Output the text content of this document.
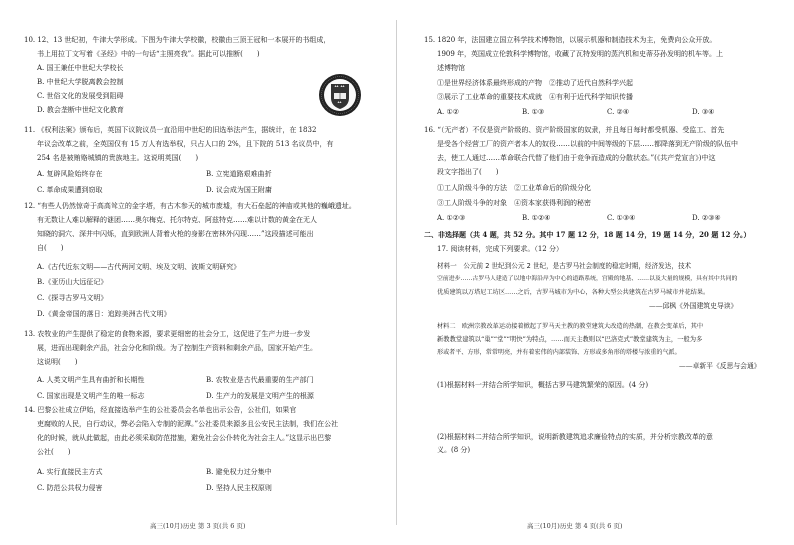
10. 12、13 世纪初，牛津大学形成。下图为牛津大学校徽，校徽由三顶王冠和一本展开的书组成，
书上用拉丁文写着《圣经》中的一句话“主照亮我”。据此可以推断(　　)
A. 国王兼任中世纪大学校长
B. 中世纪大学脱离教会控制
C. 世俗文化的发展受到阻碍
D. 教会垄断中世纪文化教育
11. 《权利法案》颁布后，英国下议院议员一直沿用中世纪的旧选举法产生，据统计，在 1832
年议会改革之前，全英国仅有 15 万人有选举权，只占人口的 2%，且下院的 513 名议员中，有
254 名是被贿赂城镇的贵族地主。这说明英国(　　)
A. 复辟风险始终存在	B. 立宪道路艰难曲折
C. 革命成果遭到窃取	D. 议会成为国王附庸
12. “有些人仍然惊奇于高高耸立的金字塔，有古木参天的城市废墟，有大石垒起的神庙或其他的巍峨遗址。
有无数让人难以解释的谜团……奥尔梅克、托尔特克、阿兹特克……难以计数的黄金在无人
知晓的洞穴、深井中闪烁，直到欧洲人背着火枪的身影在密林外闪现……”这段描述可能出
自(　　)
A.《古代近东文明——古代两河文明、埃及文明、波斯文明研究》
B.《亚历山大远征记》
C.《探寻古罗马文明》
D.《黄金帝国的落日：追踪美洲古代文明》
13. 农牧业的产生提供了稳定的食物来源，要求更细密的社会分工，这促进了生产力进一步发
展，进而出现剩余产品，社会分化和阶级。为了控制生产资料和剩余产品，国家开始产生。
这说明(　　)
A. 人类文明产生具有曲折和长期性	B. 农牧业是古代最重要的生产部门
C. 国家出现是文明产生的唯一标志	D. 生产力的发展是文明产生的根源
14. 巴黎公社成立伊始，经直接选举产生的公社委员会名单也出示公告，公社们，如果官
吏腐败的人民，自行动议，弊必会陷入专制的泥潭。”公社委员来源多且公安民主法制，我们在公社
化的时候，就从此做起，由此必须采取防范措施，避免社会公仆转化为社会主人。”这显示出巴黎
公社(　　)
A. 实行直接民主方式	B. 避免权力过分集中
C. 防范公共权力侵害	D. 坚持人民主权原则
高三(10月)历史 第 3 页(共 6 页)
15. 1820 年，法国建立国立科学技术博物馆，以展示机器和制造技术为主，免费向公众开放。
1909 年，英国成立伦敦科学博物馆，收藏了瓦特发明的蒸汽机和史蒂芬孙发明的机车等。上
述博物馆
①是世界经济体系最终形成的产物　②推动了近代自然科学兴起
③展示了工业革命的重要技术成就　④有利于近代科学知识传播
A. ①②	B. ①③	C. ②④	D. ③④
16. “（无产者）不仅是资产阶级的、资产阶级国家的奴隶，并且每日每时都受机器、受监工、首先
是受各个经营工厂的资产者本人的奴役……以前的中间等级的下层……都降落到无产阶级的队伍中
去，使工人通过……革命联合代替了他们由于竞争而造成的分散状态。”(《共产党宣言》)中这
段文字指出了(　　)
①工人阶级斗争的方法　②工业革命后的阶级分化
③工人阶级斗争的对象　④资本家获得利润的秘密
A. ①②③	B. ①②④	C. ①③④	D. ②③④
二、非选择题（共 4 题，共 52 分。其中 17 题 12 分，18 题 14 分，19 题 14 分，20 题 12 分。）
17. 阅读材料，完成下列要求。（12 分）
材料一　公元前 2 世纪到公元 2 世纪，是古罗马社会制度的稳定时期，经济发达，技术
空前进步……古罗马人建造了以地中海沿岸为中心的道路系统，宫殿的地基、……以及大量的规模，具有其中共同的
优质建筑以万塔尼工坊区……之后，古罗马城市为中心，各种大型公共建筑在古罗马城市并花结果。
——邱枫《外国建筑史导读》
材料二　欧洲宗教改革运动接着掀起了罗马天主教的教堂建筑大改造的热潮，在教会变革后，其中
新教教堂建筑以“巢”“堂”“明快”为特点，……而天主教则以“巴洛克式”教堂建筑为主，一般为多
形或者平、方形，常常明亮，并有着宏伟的内部装饰、方形或多角形的塔楼与浓重的气派。
——卓新平《反思与会通》
(1)根据材料一并结合所学知识，概括古罗马建筑繁荣的原因。(4 分)
(2)根据材料二并结合所学知识，说明新教建筑追求廉俭特点的实质，并分析宗教改革的意
义。(8 分)
高三(10月)历史 第 4 页(共 6 页)
